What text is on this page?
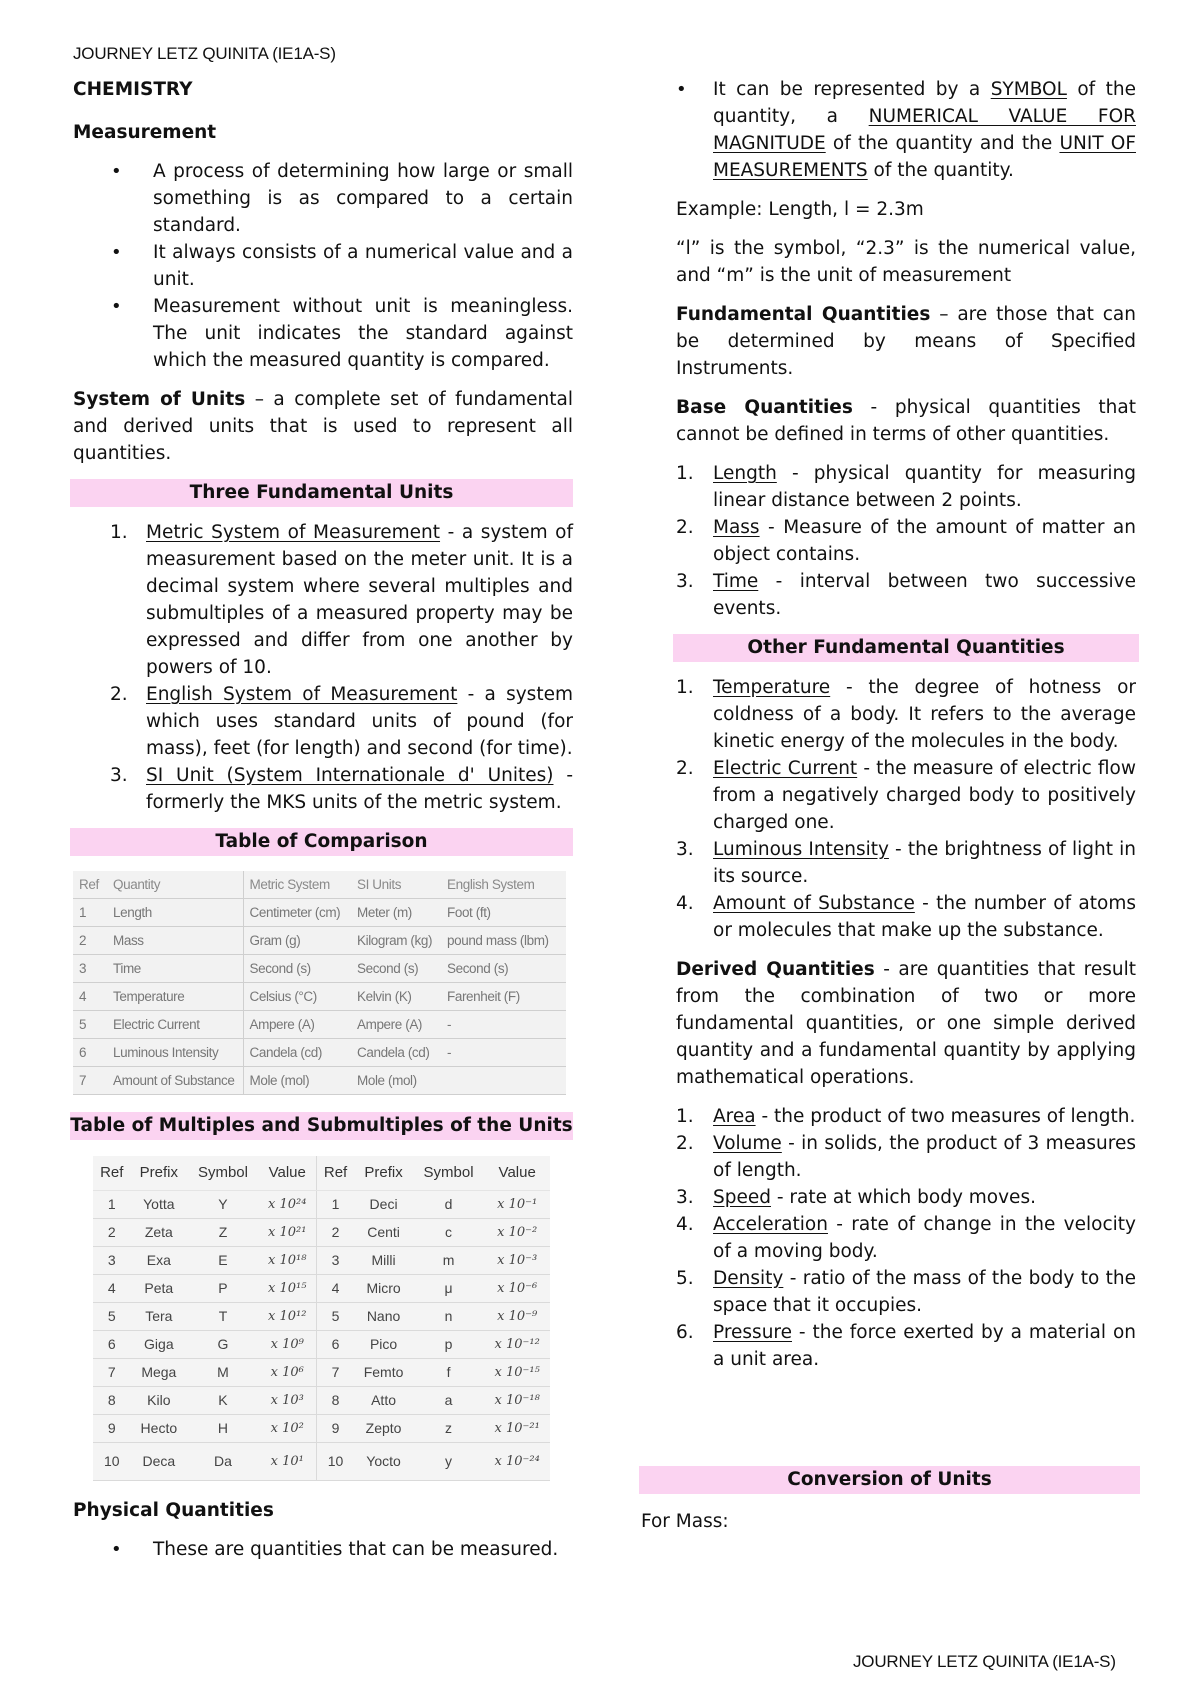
JOURNEY LETZ QUINITA (IE1A-S)
CHEMISTRY
Measurement
• A process of determining how large or small something is as compared to a certain standard.
• It always consists of a numerical value and a unit.
• Measurement without unit is meaningless. The unit indicates the standard against which the measured quantity is compared.

System of Units – a complete set of fundamental and derived units that is used to represent all quantities.

Three Fundamental Units
1. Metric System of Measurement - a system of measurement based on the meter unit. It is a decimal system where several multiples and submultiples of a measured property may be expressed and differ from one another by powers of 10.
2. English System of Measurement - a system which uses standard units of pound (for mass), feet (for length) and second (for time).
3. SI Unit (System Internationale d' Unites) - formerly the MKS units of the metric system.
Table of Comparison
Ref	Quantity	Metric System	SI Units	English System
1	Length	Centimeter (cm)	Meter (m)	Foot (ft)
2	Mass	Gram (g)	Kilogram (kg)	pound mass (lbm)
3	Time	Second (s)	Second (s)	Second (s)
4	Temperature	Celsius (°C)	Kelvin (K)	Farenheit (F)
5	Electric Current	Ampere (A)	Ampere (A)	-
6	Luminous Intensity	Candela (cd)	Candela (cd)	-
7	Amount of Substance	Mole (mol)	Mole (mol)	
Table of Multiples and Submultiples of the Units
Ref	Prefix	Symbol	Value	Ref	Prefix	Symbol	Value
1	Yotta	Y	x 10²⁴	1	Deci	d	x 10⁻¹
2	Zeta	Z	x 10²¹	2	Centi	c	x 10⁻²
3	Exa	E	x 10¹⁸	3	Milli	m	x 10⁻³
4	Peta	P	x 10¹⁵	4	Micro	μ	x 10⁻⁶
5	Tera	T	x 10¹²	5	Nano	n	x 10⁻⁹
6	Giga	G	x 10⁹	6	Pico	p	x 10⁻¹²
7	Mega	M	x 10⁶	7	Femto	f	x 10⁻¹⁵
8	Kilo	K	x 10³	8	Atto	a	x 10⁻¹⁸
9	Hecto	H	x 10²	9	Zepto	z	x 10⁻²¹
10	Deca	Da	x 10¹	10	Yocto	y	x 10⁻²⁴
Physical Quantities
• These are quantities that can be measured.
• It can be represented by a SYMBOL of the quantity, a NUMERICAL VALUE FOR MAGNITUDE of the quantity and the UNIT OF MEASUREMENTS of the quantity.

Example: Length, l = 2.3m

“l” is the symbol, “2.3” is the numerical value, and “m” is the unit of measurement

Fundamental Quantities – are those that can be determined by means of Specified Instruments.

Base Quantities - physical quantities that cannot be defined in terms of other quantities.

1. Length - physical quantity for measuring linear distance between 2 points.
2. Mass - Measure of the amount of matter an object contains.
3. Time - interval between two successive events.
Other Fundamental Quantities
1. Temperature - the degree of hotness or coldness of a body. It refers to the average kinetic energy of the molecules in the body.
2. Electric Current - the measure of electric flow from a negatively charged body to positively charged one.
3. Luminous Intensity - the brightness of light in its source.
4. Amount of Substance - the number of atoms or molecules that make up the substance.

Derived Quantities - are quantities that result from the combination of two or more fundamental quantities, or one simple derived quantity and a fundamental quantity by applying mathematical operations.

1. Area - the product of two measures of length.
2. Volume - in solids, the product of 3 measures of length.
3. Speed - rate at which body moves.
4. Acceleration - rate of change in the velocity of a moving body.
5. Density - ratio of the mass of the body to the space that it occupies.
6. Pressure - the force exerted by a material on a unit area.
Conversion of Units
For Mass:
JOURNEY LETZ QUINITA (IE1A-S)
